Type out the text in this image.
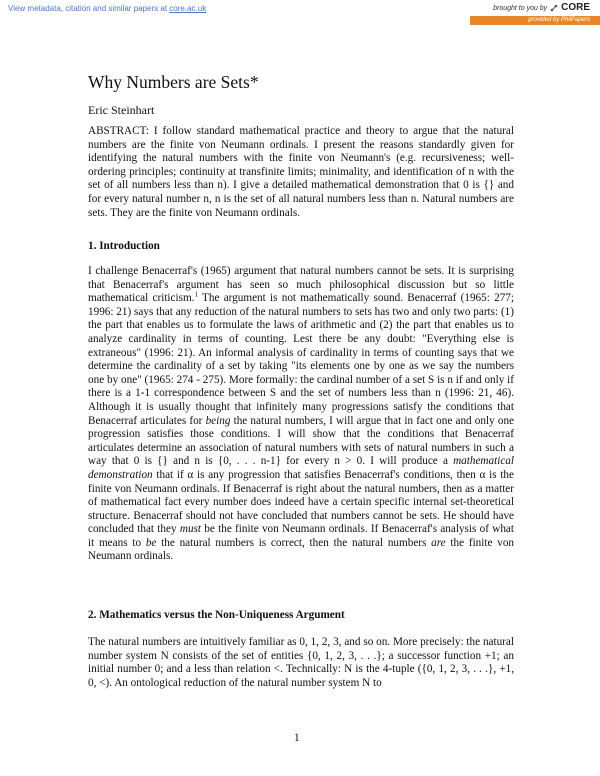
View metadata, citation and similar papers at core.ac.uk	brought to you by CORE
provided by PhilPapers
Why Numbers are Sets*
Eric Steinhart

ABSTRACT: I follow standard mathematical practice and theory to argue that the natural numbers are the finite von Neumann ordinals. I present the reasons standardly given for identifying the natural numbers with the finite von Neumann's (e.g. recursiveness; well-ordering principles; continuity at transfinite limits; minimality, and identification of n with the set of all numbers less than n). I give a detailed mathematical demonstration that 0 is {} and for every natural number n, n is the set of all natural numbers less than n. Natural numbers are sets. They are the finite von Neumann ordinals.

1. Introduction

I challenge Benacerraf's (1965) argument that natural numbers cannot be sets. It is surprising that Benacerraf's argument has seen so much philosophical discussion but so little mathematical criticism.$^1$ The argument is not mathematically sound. Benacerraf (1965: 277; 1996: 21) says that any reduction of the natural numbers to sets has two and only two parts: (1) the part that enables us to formulate the laws of arithmetic and (2) the part that enables us to analyze cardinality in terms of counting. Lest there be any doubt: "Everything else is extraneous" (1996: 21). An informal analysis of cardinality in terms of counting says that we determine the cardinality of a set by taking "its elements one by one as we say the numbers one by one" (1965: 274 - 275). More formally: the cardinal number of a set S is n if and only if there is a 1-1 correspondence between S and the set of numbers less than n (1996: 21, 46). Although it is usually thought that infinitely many progressions satisfy the conditions that Benacerraf articulates for being the natural numbers, I will argue that in fact one and only one progression satisfies those conditions. I will show that the conditions that Benacerraf articulates determine an association of natural numbers with sets of natural numbers in such a way that 0 is {} and n is {0, . . . n-1} for every n > 0. I will produce a mathematical demonstration that if α is any progression that satisfies Benacerraf's conditions, then α is the finite von Neumann ordinals. If Benacerraf is right about the natural numbers, then as a matter of mathematical fact every number does indeed have a certain specific internal set-theoretical structure. Benacerraf should not have concluded that numbers cannot be sets. He should have concluded that they must be the finite von Neumann ordinals. If Benacerraf's analysis of what it means to be the natural numbers is correct, then the natural numbers are the finite von Neumann ordinals.

2. Mathematics versus the Non-Uniqueness Argument

The natural numbers are intuitively familiar as 0, 1, 2, 3, and so on. More precisely: the natural number system N consists of the set of entities {0, 1, 2, 3, . . .}; a successor function +1; an initial number 0; and a less than relation <. Technically: N is the 4-tuple ({0, 1, 2, 3, . . .}, +1, 0, <). An ontological reduction of the natural number system N to

1
